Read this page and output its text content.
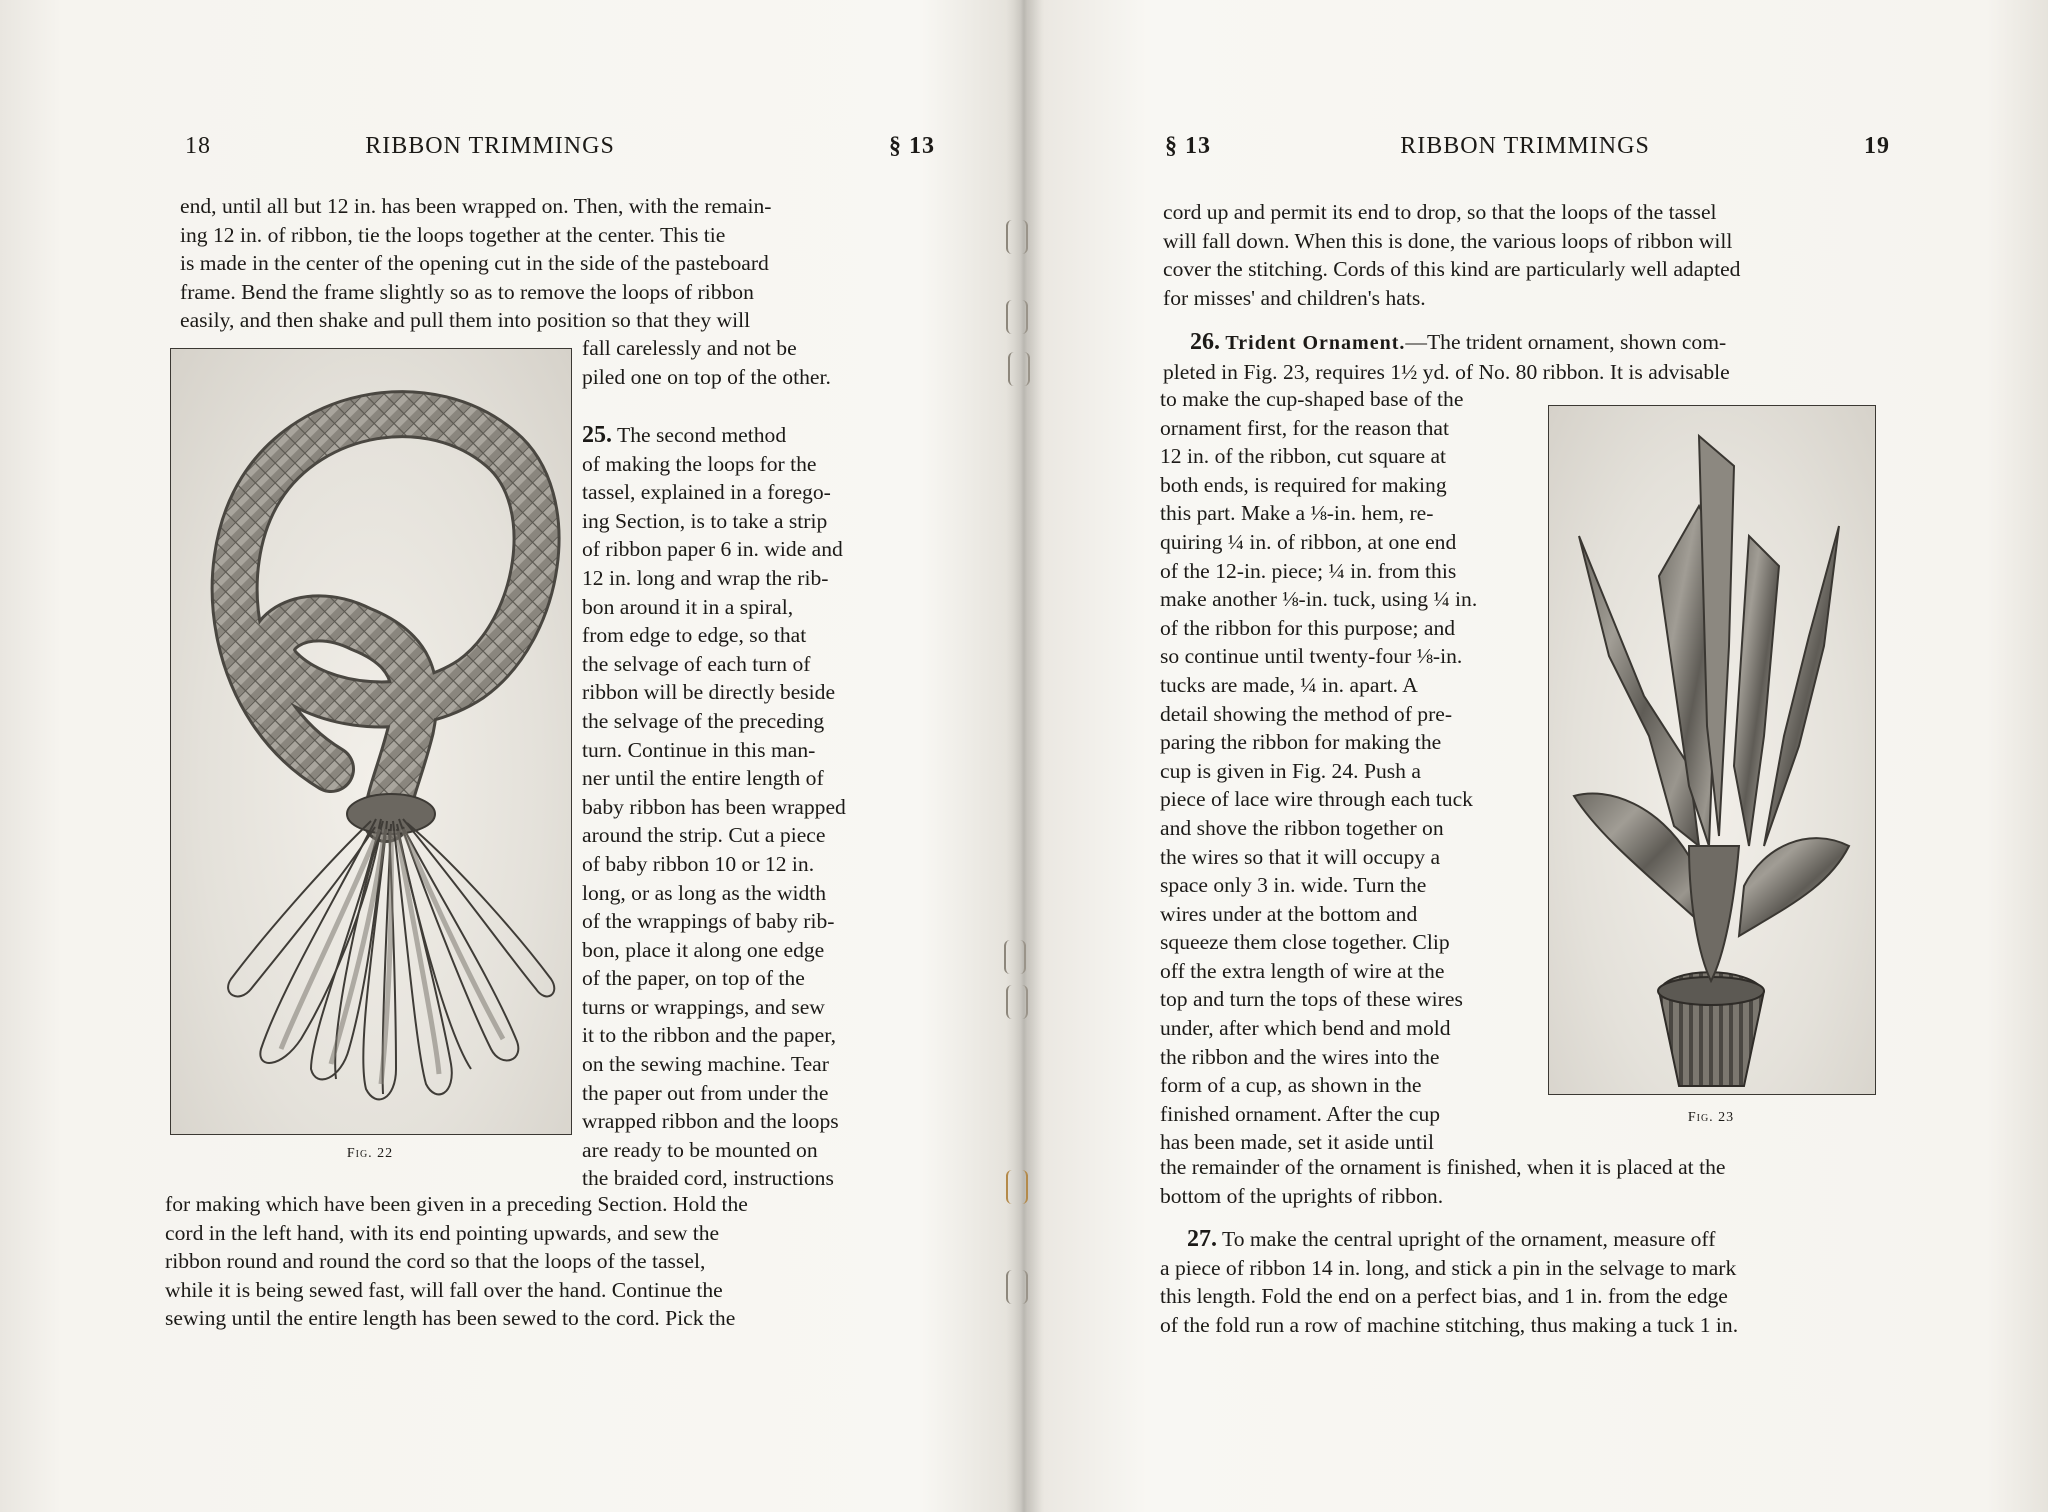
18	RIBBON TRIMMINGS	§ 13

end, until all but 12 in. has been wrapped on. Then, with the remain-

ing 12 in. of ribbon, tie the loops together at the center. This tie

is made in the center of the opening cut in the side of the pasteboard

frame. Bend the frame slightly so as to remove the loops of ribbon

easily, and then shake and pull them into position so that they will

Fig. 22

fall carelessly and not be

piled one on top of the other.

25. The second method

of making the loops for the

tassel, explained in a forego-

ing Section, is to take a strip

of ribbon paper 6 in. wide and

12 in. long and wrap the rib-

bon around it in a spiral,

from edge to edge, so that

the selvage of each turn of

ribbon will be directly beside

the selvage of the preceding

turn. Continue in this man-

ner until the entire length of

baby ribbon has been wrapped

around the strip. Cut a piece

of baby ribbon 10 or 12 in.

long, or as long as the width

of the wrappings of baby rib-

bon, place it along one edge

of the paper, on top of the

turns or wrappings, and sew

it to the ribbon and the paper,

on the sewing machine. Tear

the paper out from under the

wrapped ribbon and the loops

are ready to be mounted on

the braided cord, instructions

for making which have been given in a preceding Section. Hold the

cord in the left hand, with its end pointing upwards, and sew the

ribbon round and round the cord so that the loops of the tassel,

while it is being sewed fast, will fall over the hand. Continue the

sewing until the entire length has been sewed to the cord. Pick the

§ 13	RIBBON TRIMMINGS	19

cord up and permit its end to drop, so that the loops of the tassel

will fall down. When this is done, the various loops of ribbon will

cover the stitching. Cords of this kind are particularly well adapted

for misses' and children's hats.

26. Trident Ornament.—The trident ornament, shown com-

pleted in Fig. 23, requires 1½ yd. of No. 80 ribbon. It is advisable

to make the cup-shaped base of the

ornament first, for the reason that

12 in. of the ribbon, cut square at

both ends, is required for making

this part. Make a ⅛-in. hem, re-

quiring ¼ in. of ribbon, at one end

of the 12-in. piece; ¼ in. from this

make another ⅛-in. tuck, using ¼ in.

of the ribbon for this purpose; and

so continue until twenty-four ⅛-in.

tucks are made, ¼ in. apart. A

detail showing the method of pre-

paring the ribbon for making the

cup is given in Fig. 24. Push a

piece of lace wire through each tuck

and shove the ribbon together on

the wires so that it will occupy a

space only 3 in. wide. Turn the

wires under at the bottom and

squeeze them close together. Clip

off the extra length of wire at the

top and turn the tops of these wires

under, after which bend and mold

the ribbon and the wires into the

form of a cup, as shown in the

finished ornament. After the cup

has been made, set it aside until

Fig. 23

the remainder of the ornament is finished, when it is placed at the

bottom of the uprights of ribbon.

27. To make the central upright of the ornament, measure off

a piece of ribbon 14 in. long, and stick a pin in the selvage to mark

this length. Fold the end on a perfect bias, and 1 in. from the edge

of the fold run a row of machine stitching, thus making a tuck 1 in.
